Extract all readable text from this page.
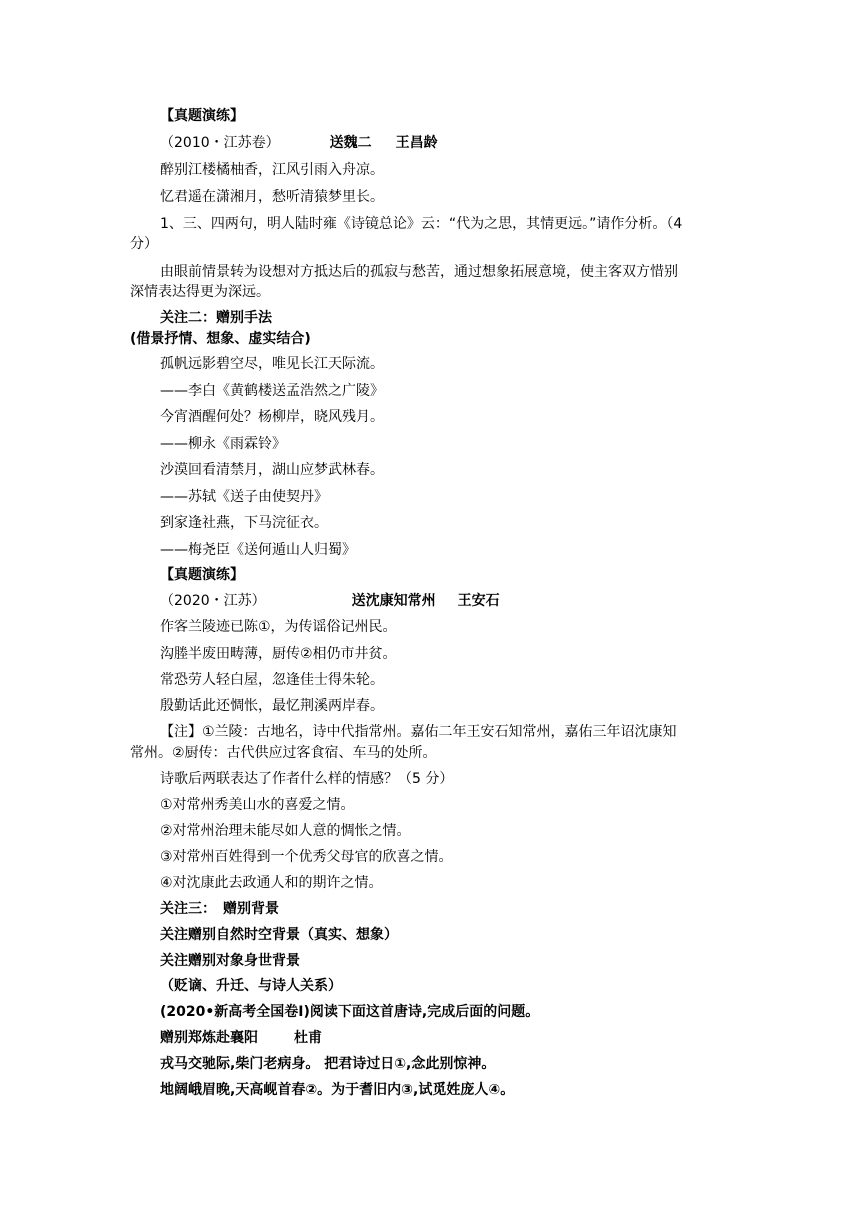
【真题演练】
（2010・江苏卷）	送魏二 王昌龄
醉别江楼橘柚香，江风引雨入舟凉。
忆君遥在潇湘月，愁听清猿梦里长。
1、三、四两句，明人陆时雍《诗镜总论》云：“代为之思，其情更远。”请作分析。（4
分）
由眼前情景转为设想对方抵达后的孤寂与愁苦，通过想象拓展意境，使主客双方惜别
深情表达得更为深远。
关注二：赠别手法
(借景抒情、想象、虚实结合)
孤帆远影碧空尽，唯见长江天际流。
——李白《黄鹤楼送孟浩然之广陵》
今宵酒醒何处？杨柳岸，晓风残月。
——柳永《雨霖铃》
沙漠回看清禁月，湖山应梦武林春。
——苏轼《送子由使契丹》
到家逢社燕，下马浣征衣。
——梅尧臣《送何遁山人归蜀》
【真题演练】
（2020・江苏）	送沈康知常州 王安石
作客兰陵迹已陈①，为传谣俗记州民。
沟塍半废田畴薄，厨传②相仍市井贫。
常恐劳人轻白屋，忽逢佳士得朱轮。
殷勤话此还惆怅，最忆荆溪两岸春。
【注】①兰陵：古地名，诗中代指常州。嘉佑二年王安石知常州，嘉佑三年诏沈康知
常州。②厨传：古代供应过客食宿、车马的处所。
诗歌后两联表达了作者什么样的情感？（5 分）
①对常州秀美山水的喜爱之情。
②对常州治理未能尽如人意的惆怅之情。
③对常州百姓得到一个优秀父母官的欣喜之情。
④对沈康此去政通人和的期许之情。
关注三：　赠别背景
关注赠别自然时空背景（真实、想象）
关注赠别对象身世背景
（贬谪、升迁、与诗人关系）
(2020•新高考全国卷Ⅰ)阅读下面这首唐诗,完成后面的问题。
赠别郑炼赴襄阳	杜甫
戎马交驰际,柴门老病身。 把君诗过日①,念此别惊神。
地阔峨眉晚,天高岘首春②。为于耆旧内③,试觅姓庞人④。
